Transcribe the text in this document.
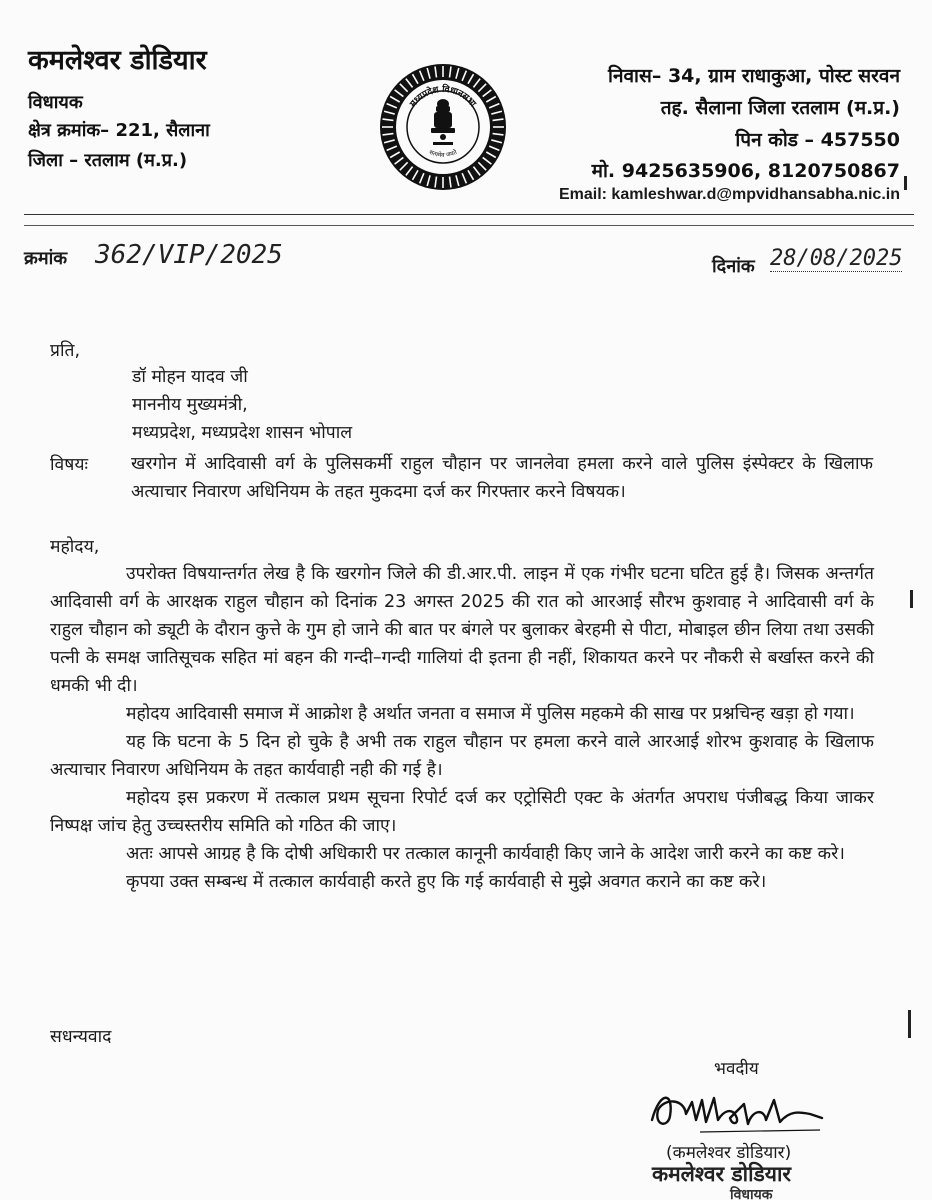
कमलेश्वर डोडियार
विधायक
क्षेत्र क्रमांक– 221, सैलाना
जिला – रतलाम (म.प्र.)
मध्यप्रदेश विधानसभा
सत्यमेव जयते
निवास– 34, ग्राम राधाकुआ, पोस्ट सरवन
तह. सैलाना जिला रतलाम (म.प्र.)
पिन कोड – 457550
मो. 9425635906, 8120750867
Email: kamleshwar.d@mpvidhansabha.nic.in
क्रमांक 362/VIP/2025	दिनांक 28/08/2025
प्रति,
डॉ मोहन यादव जी
माननीय मुख्यमंत्री,
मध्यप्रदेश, मध्यप्रदेश शासन भोपाल
विषयः खरगोन में आदिवासी वर्ग के पुलिसकर्मी राहुल चौहान पर जानलेवा हमला करने वाले पुलिस इंस्पेक्टर के खिलाफ अत्याचार निवारण अधिनियम के तहत मुकदमा दर्ज कर गिरफ्तार करने विषयक।
महोदय,

उपरोक्त विषयान्तर्गत लेख है कि खरगोन जिले की डी.आर.पी. लाइन में एक गंभीर घटना घटित हुई है। जिसक अन्तर्गत आदिवासी वर्ग के आरक्षक राहुल चौहान को दिनांक 23 अगस्त 2025 की रात को आरआई सौरभ कुशवाह ने आदिवासी वर्ग के राहुल चौहान को ड्यूटी के दौरान कुत्ते के गुम हो जाने की बात पर बंगले पर बुलाकर बेरहमी से पीटा, मोबाइल छीन लिया तथा उसकी पत्नी के समक्ष जातिसूचक सहित मां बहन की गन्दी–गन्दी गालियां दी इतना ही नहीं, शिकायत करने पर नौकरी से बर्खास्त करने की धमकी भी दी।

महोदय आदिवासी समाज में आक्रोश है अर्थात जनता व समाज में पुलिस महकमे की साख पर प्रश्नचिन्ह खड़ा हो गया।

यह कि घटना के 5 दिन हो चुके है अभी तक राहुल चौहान पर हमला करने वाले आरआई शोरभ कुशवाह के खिलाफ अत्याचार निवारण अधिनियम के तहत कार्यवाही नही की गई है।

महोदय इस प्रकरण में तत्काल प्रथम सूचना रिपोर्ट दर्ज कर एट्रोसिटी एक्ट के अंतर्गत अपराध पंजीबद्ध किया जाकर निष्पक्ष जांच हेतु उच्चस्तरीय समिति को गठित की जाए।

अतः आपसे आग्रह है कि दोषी अधिकारी पर तत्काल कानूनी कार्यवाही किए जाने के आदेश जारी करने का कष्ट करे।

कृपया उक्त सम्बन्ध में तत्काल कार्यवाही करते हुए कि गई कार्यवाही से मुझे अवगत कराने का कष्ट करे।

सधन्यवाद
भवदीय
(कमलेश्वर डोडियार)
कमलेश्वर डोडियार
विधायक
